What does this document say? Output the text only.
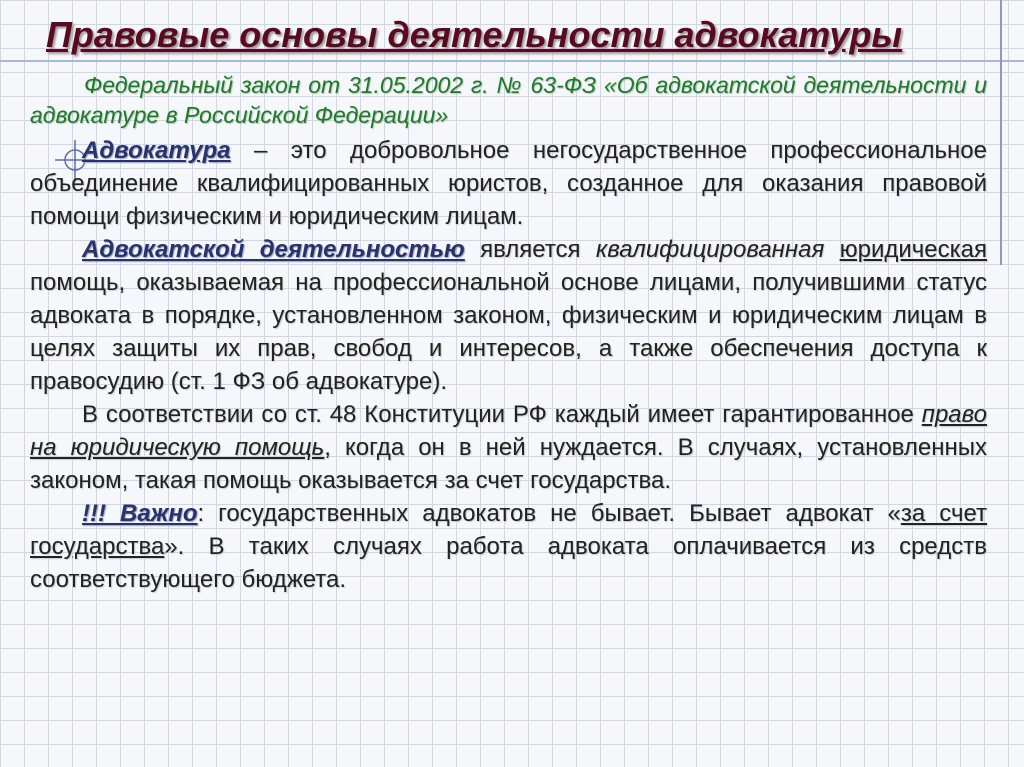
Правовые основы деятельности адвокатуры

Федеральный закон от 31.05.2002 г. № 63-ФЗ «Об адвокатской деятельности и адвокатуре в Российской Федерации»

Адвокатура – это добровольное негосударственное профессиональное объединение квалифицированных юристов, созданное для оказания правовой помощи физическим и юридическим лицам.

Адвокатской деятельностью является квалифицированная юридическая помощь, оказываемая на профессиональной основе лицами, получившими статус адвоката в порядке, установленном законом, физическим и юридическим лицам в целях защиты их прав, свобод и интересов, а также обеспечения доступа к правосудию (ст. 1 ФЗ об адвокатуре).

В соответствии со ст. 48 Конституции РФ каждый имеет гарантированное право на юридическую помощь, когда он в ней нуждается. В случаях, установленных законом, такая помощь оказывается за счет государства.

!!! Важно: государственных адвокатов не бывает. Бывает адвокат «за счет государства». В таких случаях работа адвоката оплачивается из средств соответствующего бюджета.
